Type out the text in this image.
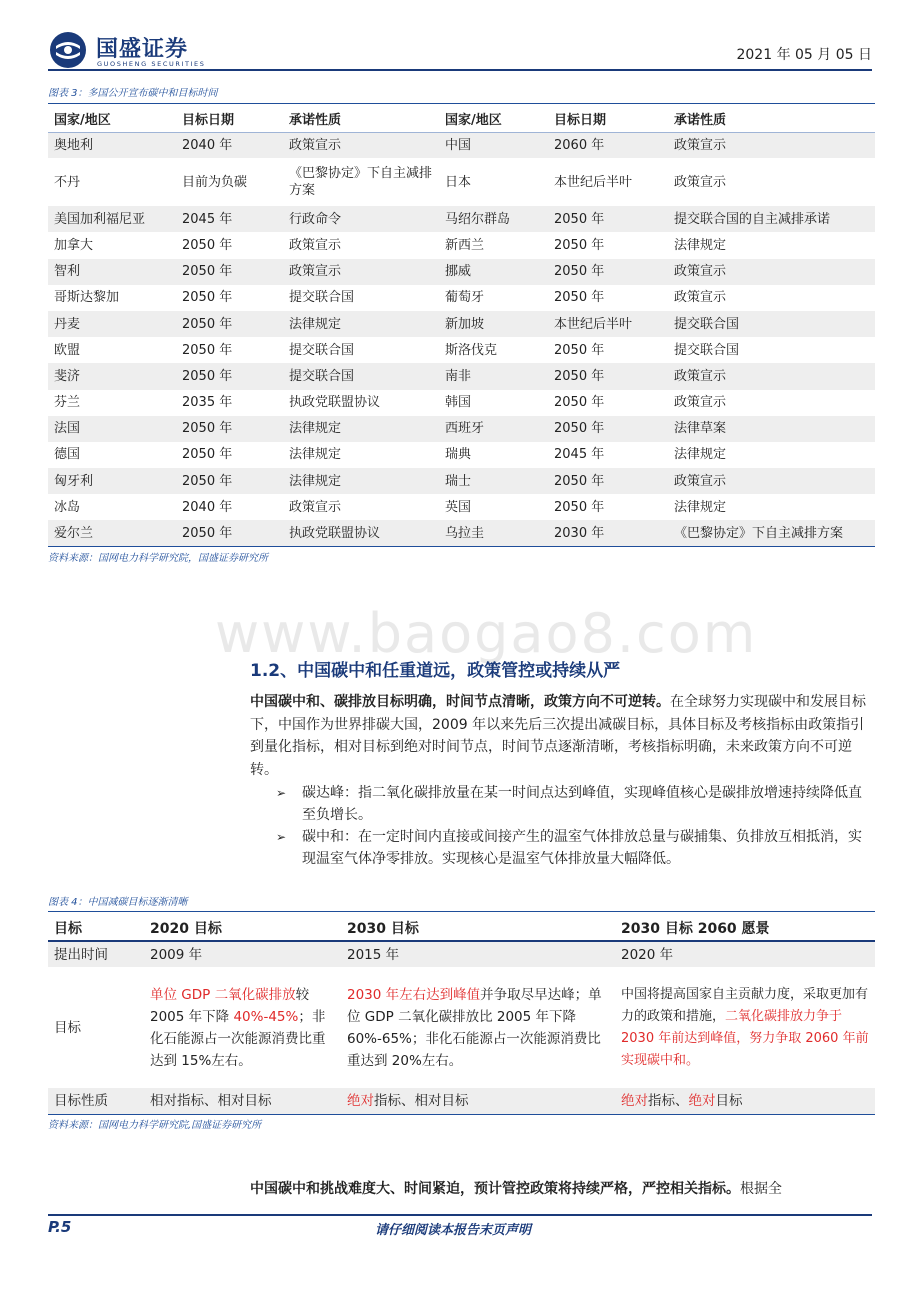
国盛证券
GUOSHENG SECURITIES
2021 年 05 月 05 日
图表 3：多国公开宣布碳中和目标时间
国家/地区	目标日期	承诺性质	国家/地区	目标日期	承诺性质
奥地利	2040 年	政策宣示	中国	2060 年	政策宣示
不丹	目前为负碳	《巴黎协定》下自主减排方案	日本	本世纪后半叶	政策宣示
美国加利福尼亚	2045 年	行政命令	马绍尔群岛	2050 年	提交联合国的自主减排承诺
加拿大	2050 年	政策宣示	新西兰	2050 年	法律规定
智利	2050 年	政策宣示	挪威	2050 年	政策宣示
哥斯达黎加	2050 年	提交联合国	葡萄牙	2050 年	政策宣示
丹麦	2050 年	法律规定	新加坡	本世纪后半叶	提交联合国
欧盟	2050 年	提交联合国	斯洛伐克	2050 年	提交联合国
斐济	2050 年	提交联合国	南非	2050 年	政策宣示
芬兰	2035 年	执政党联盟协议	韩国	2050 年	政策宣示
法国	2050 年	法律规定	西班牙	2050 年	法律草案
德国	2050 年	法律规定	瑞典	2045 年	法律规定
匈牙利	2050 年	法律规定	瑞士	2050 年	政策宣示
冰岛	2040 年	政策宣示	英国	2050 年	法律规定
爱尔兰	2050 年	执政党联盟协议	乌拉圭	2030 年	《巴黎协定》下自主减排方案
资料来源：国网电力科学研究院，国盛证券研究所
www.baogao8.com
1.2、中国碳中和任重道远，政策管控或持续从严
中国碳中和、碳排放目标明确，时间节点清晰，政策方向不可逆转。在全球努力实现碳中和发展目标下，中国作为世界排碳大国，2009 年以来先后三次提出减碳目标，具体目标及考核指标由政策指引到量化指标，相对目标到绝对时间节点，时间节点逐渐清晰，考核指标明确，未来政策方向不可逆转。
➢	碳达峰：指二氧化碳排放量在某一时间点达到峰值，实现峰值核心是碳排放增速持续降低直至负增长。
➢	碳中和：在一定时间内直接或间接产生的温室气体排放总量与碳捕集、负排放互相抵消，实现温室气体净零排放。实现核心是温室气体排放量大幅降低。
图表 4：中国减碳目标逐渐清晰
目标	2020 目标	2030 目标	2030 目标 2060 愿景
提出时间	2009 年	2015 年	2020 年
目标	单位 GDP 二氧化碳排放较 2005 年下降 40%-45%；非化石能源占一次能源消费比重达到 15%左右。	2030 年左右达到峰值并争取尽早达峰；单位 GDP 二氧化碳排放比 2005 年下降 60%-65%；非化石能源占一次能源消费比重达到 20%左右。	中国将提高国家自主贡献力度，采取更加有力的政策和措施，二氧化碳排放力争于 2030 年前达到峰值，努力争取 2060 年前实现碳中和。
目标性质	相对指标、相对目标	绝对指标、相对目标	绝对指标、绝对目标
资料来源：国网电力科学研究院,国盛证券研究所
中国碳中和挑战难度大、时间紧迫，预计管控政策将持续严格，严控相关指标。根据全
P.5	请仔细阅读本报告末页声明
